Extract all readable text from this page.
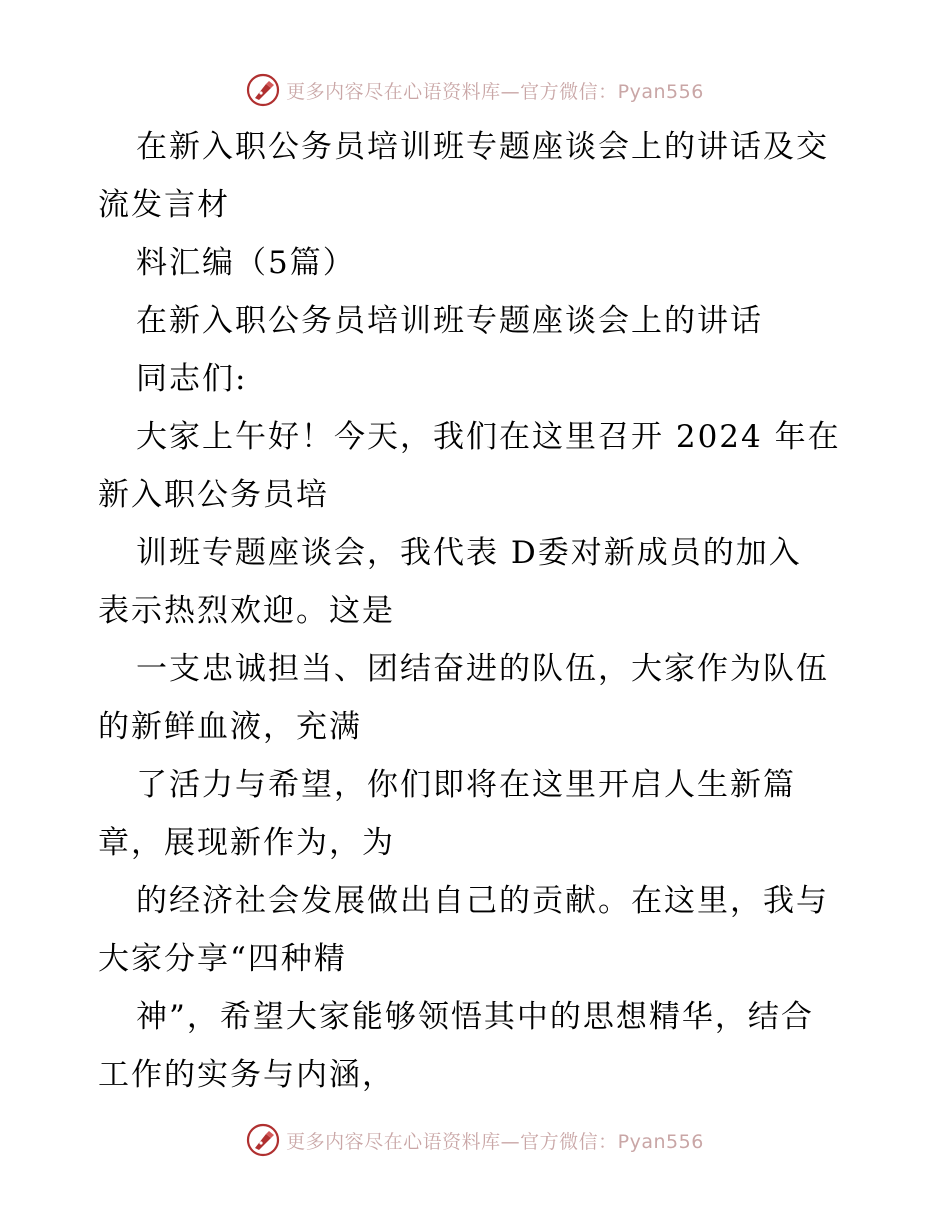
更多内容尽在心语资料库—官方微信：Pyan556
在新入职公务员培训班专题座谈会上的讲话及交
流发言材
料汇编（5篇）
在新入职公务员培训班专题座谈会上的讲话
同志们:
大家上午好！今天，我们在这里召开 2024 年在
新入职公务员培
训班专题座谈会，我代表 D委对新成员的加入
表示热烈欢迎。这是
一支忠诚担当、团结奋进的队伍，大家作为队伍
的新鲜血液，充满
了活力与希望，你们即将在这里开启人生新篇
章，展现新作为，为
的经济社会发展做出自己的贡献。在这里，我与
大家分享“四种精
神”，希望大家能够领悟其中的思想精华，结合
工作的实务与内涵，
更多内容尽在心语资料库—官方微信：Pyan556
